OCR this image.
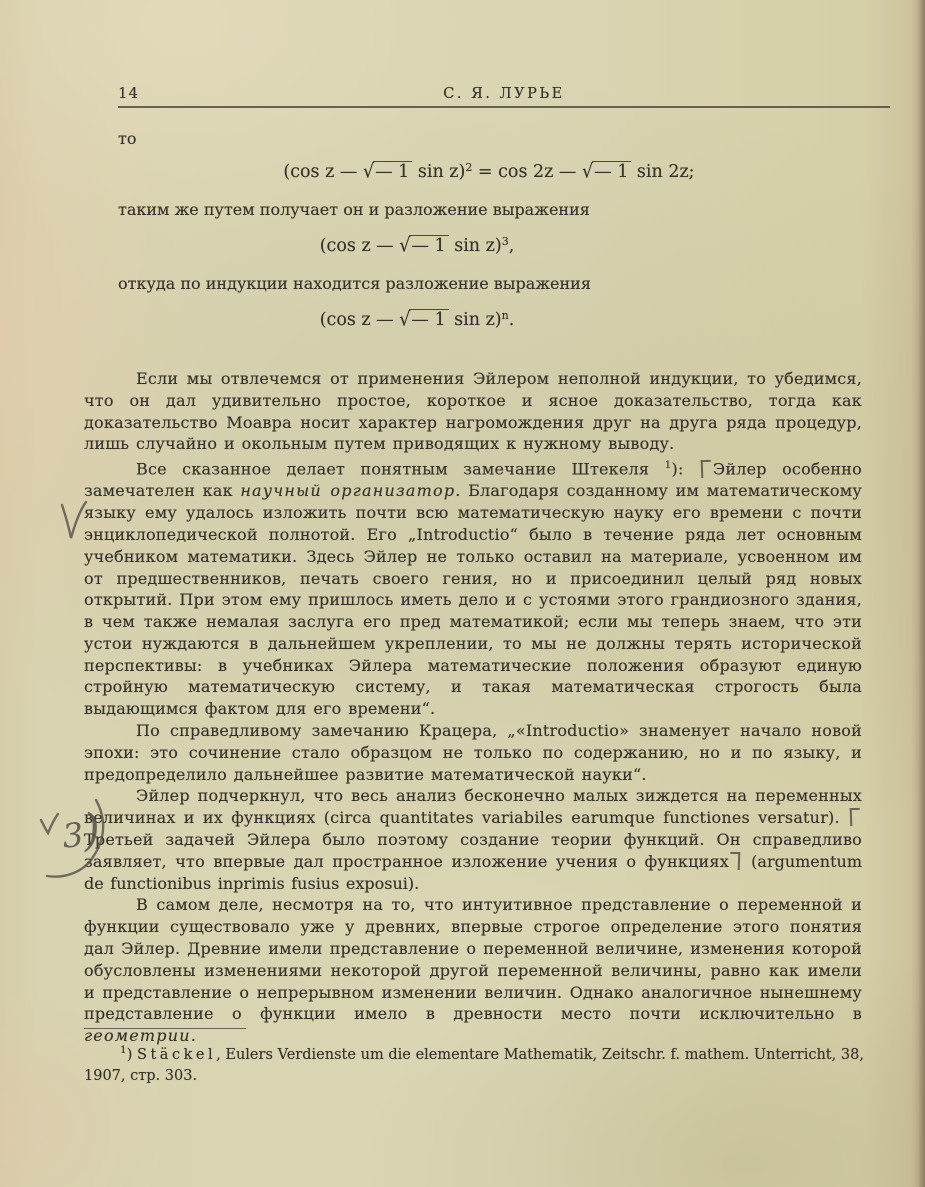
14	С. Я. ЛУРЬЕ

то

(cos z — √— 1 sin z)$^2$ = cos 2z — √— 1 sin 2z;

таким же путем получает он и разложение выражения

(cos z — √— 1 sin z)$^3$,

откуда по индукции находится разложение выражения

(cos z — √— 1 sin z)$^n$.

Если мы отвлечемся от применения Эйлером неполной индукции, то убедимся, что он дал удивительно простое, короткое и ясное доказательство, тогда как доказательство Моавра носит характер нагромождения друг на друга ряда процедур, лишь случайно и окольным путем приводящих к нужному выводу.

Все сказанное делает понятным замечание Штекеля $^1$): Эйлер особенно замечателен как научный организатор. Благодаря созданному им математическому языку ему удалось изложить почти всю математическую науку его времени с почти энциклопедической полнотой. Его „Introductio“ было в течение ряда лет основным учебником математики. Здесь Эйлер не только оставил на материале, усвоенном им от предшественников, печать своего гения, но и присоединил целый ряд новых открытий. При этом ему пришлось иметь дело и с устоями этого грандиозного здания, в чем также немалая заслуга его пред математикой; если мы теперь знаем, что эти устои нуждаются в дальнейшем укреплении, то мы не должны терять исторической перспективы: в учебниках Эйлера математические положения образуют единую стройную математическую систему, и такая математическая строгость была выдающимся фактом для его времени“.

По справедливому замечанию Крацера, „«Introductio» знаменует начало новой эпохи: это сочинение стало образцом не только по содержанию, но и по языку, и предопределило дальнейшее развитие математической науки“.

Эйлер подчеркнул, что весь анализ бесконечно малых зиждется на переменных величинах и их функциях (circa quantitates variabiles earumque functiones versatur). Третьей задачей Эйлера было поэтому создание теории функций. Он справедливо заявляет, что впервые дал пространное изложение учения о функциях (argumentum de functionibus inprimis fusius exposui).

В самом деле, несмотря на то, что интуитивное представление о переменной и функции существовало уже у древних, впервые строгое определение этого понятия дал Эйлер. Древние имели представление о переменной величине, изменения которой обусловлены изменениями некоторой другой переменной величины, равно как имели и представление о непрерывном изменении величин. Однако аналогичное нынешнему представление о функции имело в древности место почти исключительно в геометрии.

$^1$) Stäckel, Eulers Verdienste um die elementare Mathematik, Zeitschr. f. mathem. Unterricht, 38, 1907, стр. 303.
3)
